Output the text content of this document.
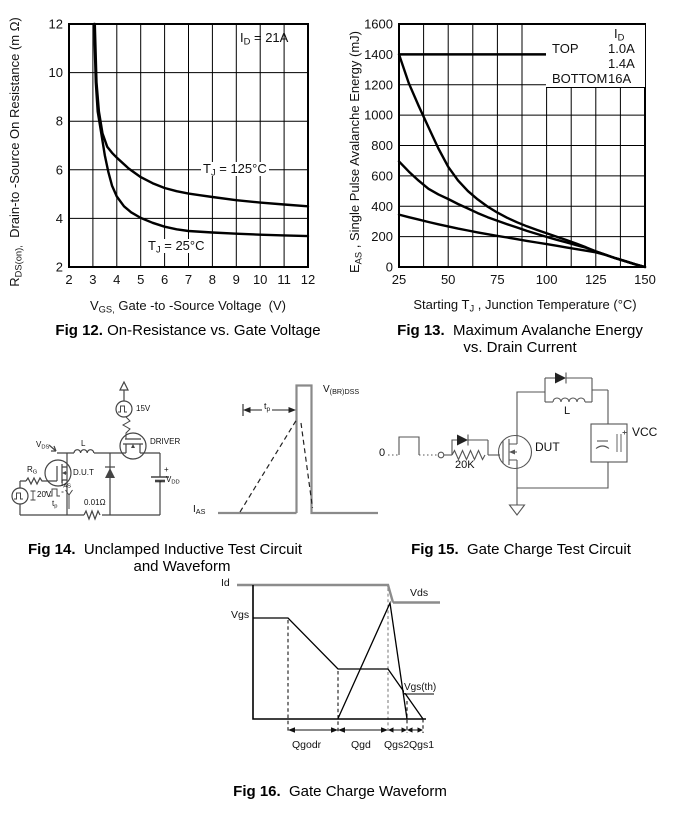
2 3 4 5 6 7 8 9 10 11 12
2
4
6
8
10
12
$R_{DS(on),}$  Drain-to -Source On Resistance (m Ω)
$V_{GS,}$ Gate -to -Source Voltage  (V)
$I_D = 21A$
$T_J = 125^\circ C$
$T_J = 25^\circ C$
Fig 12. On-Resistance vs. Gate Voltage
25	50	75 100 125 150
0
200
400
600
800
1000
1200
1400
1600
$I_D$
TOP	1.0A
1.4A
BOTTOM 16A
$E_{AS}$ , Single Pulse Avalanche Energy (mJ)
Starting $T_J$ , Junction Temperature (°C)
Fig 13.  Maximum Avalanche Energy
vs. Drain Current
$V_{DS}$	L	DRIVER
15V
D.U.T
$R_G$
20V
$t_p$
$I_{AS}$
0.01Ω
+
- $V_{DD}$
$I_{AS}$
$t_p$
$V_{(BR)DSS}$
Fig 14.  Unclamped Inductive Test Circuit
and Waveform
0
20K
DUT
L
VCC
Fig 15.  Gate Charge Test Circuit
Id
Vgs
Vds
Vgs(th)
Qgodr	Qgd Qgs2 Qgs1
Fig 16.  Gate Charge Waveform
